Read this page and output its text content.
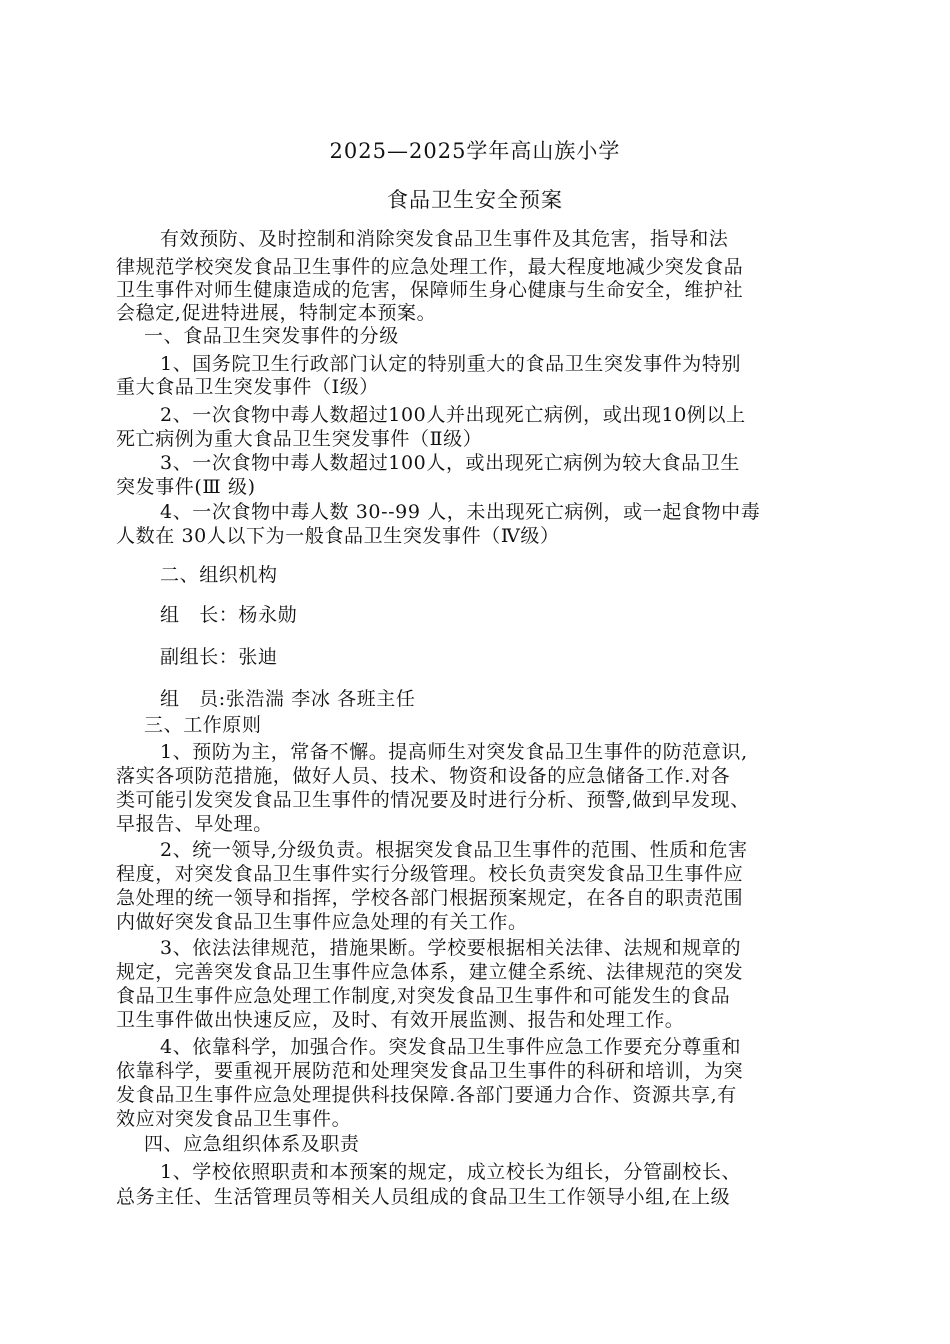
2025—2025学年高山族小学
食品卫生安全预案
有效预防、及时控制和消除突发食品卫生事件及其危害，指导和法
律规范学校突发食品卫生事件的应急处理工作，最大程度地减少突发食品
卫生事件对师生健康造成的危害，保障师生身心健康与生命安全，维护社
会稳定,促进特进展，特制定本预案。
一、食品卫生突发事件的分级
1、国务院卫生行政部门认定的特别重大的食品卫生突发事件为特别
重大食品卫生突发事件（Ⅰ级）
2、一次食物中毒人数超过100人并出现死亡病例，或出现10例以上
死亡病例为重大食品卫生突发事件（Ⅱ级）
3、一次食物中毒人数超过100人，或出现死亡病例为较大食品卫生
突发事件(Ⅲ 级)
4、一次食物中毒人数 30--99 人，未出现死亡病例，或一起食物中毒
人数在 30人以下为一般食品卫生突发事件（Ⅳ级）
二、组织机构
组　长：杨永勋
副组长：张迪
组　员:张浩湍 李冰 各班主任
三、工作原则
1、预防为主，常备不懈。提高师生对突发食品卫生事件的防范意识,
落实各项防范措施，做好人员、技术、物资和设备的应急储备工作.对各
类可能引发突发食品卫生事件的情况要及时进行分析、预警,做到早发现、
早报告、早处理。
2、统一领导,分级负责。根据突发食品卫生事件的范围、性质和危害
程度，对突发食品卫生事件实行分级管理。校长负责突发食品卫生事件应
急处理的统一领导和指挥，学校各部门根据预案规定，在各自的职责范围
内做好突发食品卫生事件应急处理的有关工作。
3、依法法律规范，措施果断。学校要根据相关法律、法规和规章的
规定，完善突发食品卫生事件应急体系，建立健全系统、法律规范的突发
食品卫生事件应急处理工作制度,对突发食品卫生事件和可能发生的食品
卫生事件做出快速反应，及时、有效开展监测、报告和处理工作。
4、依靠科学，加强合作。突发食品卫生事件应急工作要充分尊重和
依靠科学，要重视开展防范和处理突发食品卫生事件的科研和培训，为突
发食品卫生事件应急处理提供科技保障.各部门要通力合作、资源共享,有
效应对突发食品卫生事件。
四、应急组织体系及职责
1、学校依照职责和本预案的规定，成立校长为组长，分管副校长、
总务主任、生活管理员等相关人员组成的食品卫生工作领导小组,在上级
